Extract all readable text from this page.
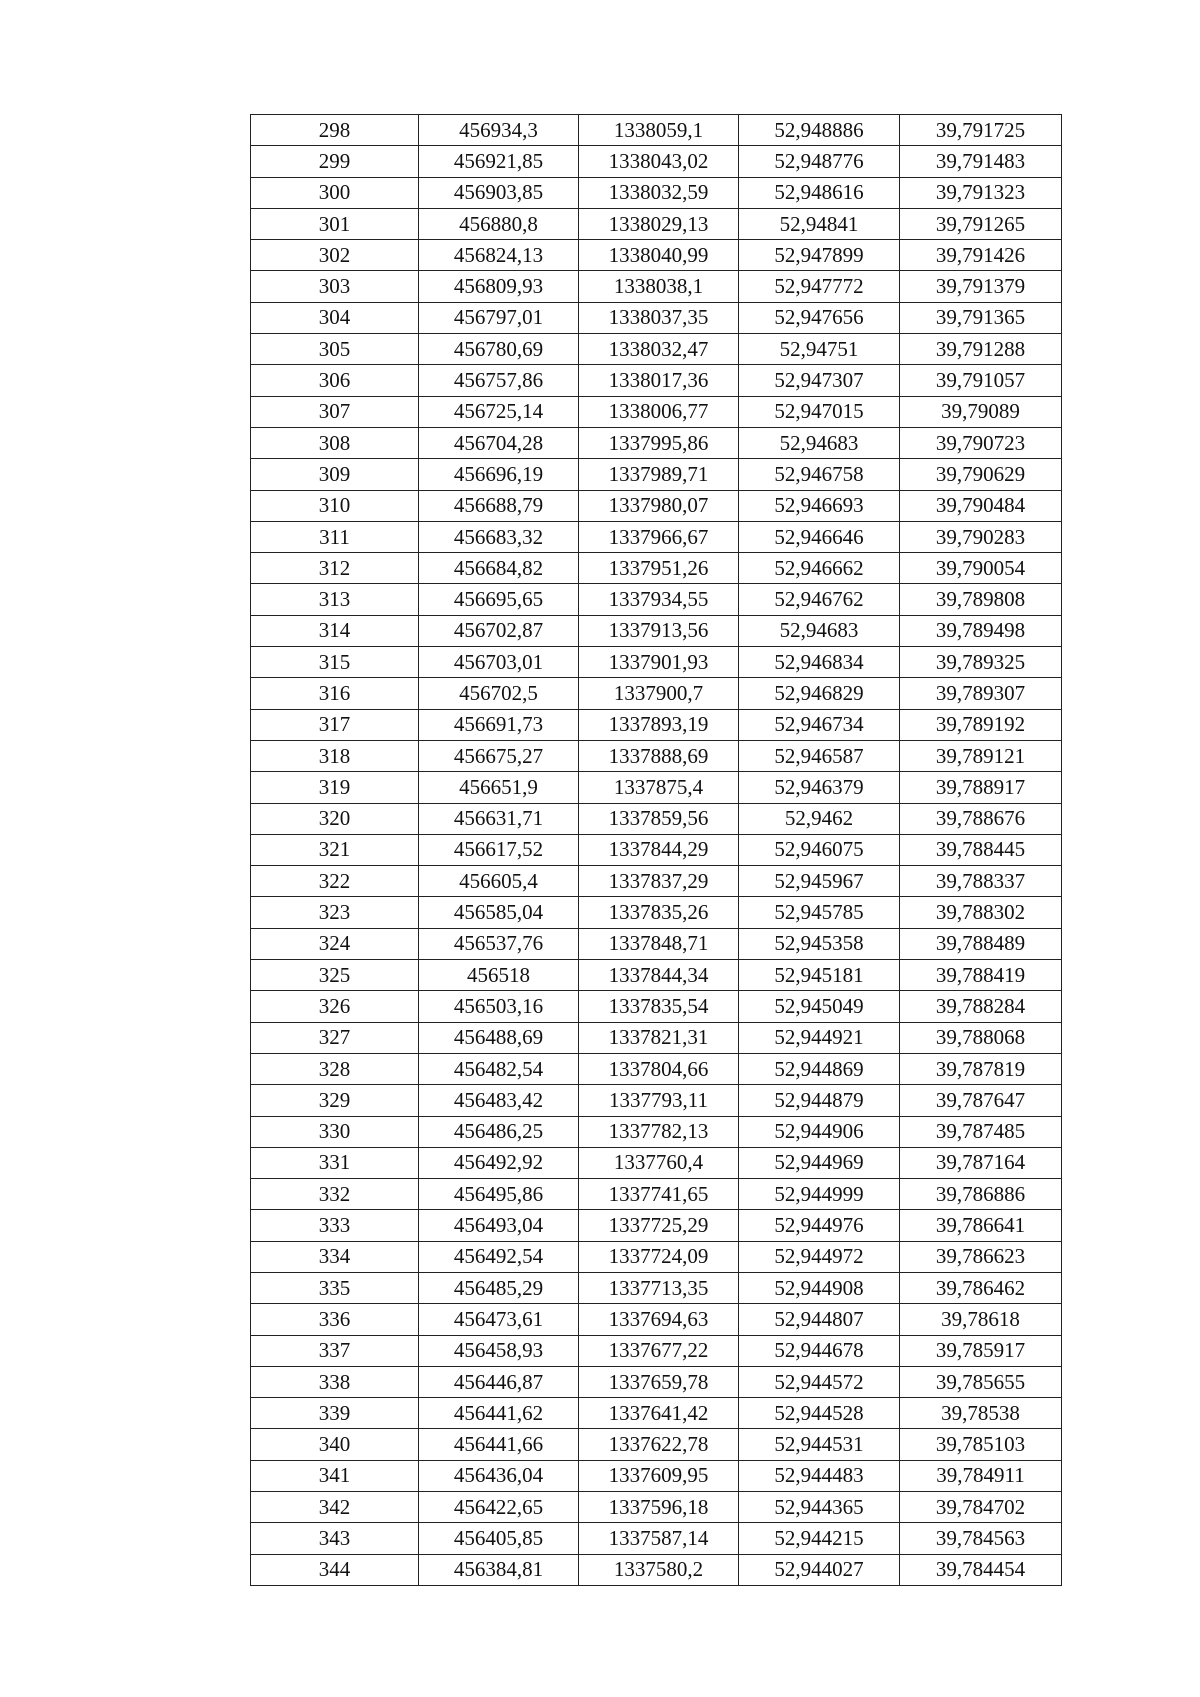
298	456934,3	1338059,1	52,948886	39,791725
299	456921,85	1338043,02	52,948776	39,791483
300	456903,85	1338032,59	52,948616	39,791323
301	456880,8	1338029,13	52,94841	39,791265
302	456824,13	1338040,99	52,947899	39,791426
303	456809,93	1338038,1	52,947772	39,791379
304	456797,01	1338037,35	52,947656	39,791365
305	456780,69	1338032,47	52,94751	39,791288
306	456757,86	1338017,36	52,947307	39,791057
307	456725,14	1338006,77	52,947015	39,79089
308	456704,28	1337995,86	52,94683	39,790723
309	456696,19	1337989,71	52,946758	39,790629
310	456688,79	1337980,07	52,946693	39,790484
311	456683,32	1337966,67	52,946646	39,790283
312	456684,82	1337951,26	52,946662	39,790054
313	456695,65	1337934,55	52,946762	39,789808
314	456702,87	1337913,56	52,94683	39,789498
315	456703,01	1337901,93	52,946834	39,789325
316	456702,5	1337900,7	52,946829	39,789307
317	456691,73	1337893,19	52,946734	39,789192
318	456675,27	1337888,69	52,946587	39,789121
319	456651,9	1337875,4	52,946379	39,788917
320	456631,71	1337859,56	52,9462	39,788676
321	456617,52	1337844,29	52,946075	39,788445
322	456605,4	1337837,29	52,945967	39,788337
323	456585,04	1337835,26	52,945785	39,788302
324	456537,76	1337848,71	52,945358	39,788489
325	456518	1337844,34	52,945181	39,788419
326	456503,16	1337835,54	52,945049	39,788284
327	456488,69	1337821,31	52,944921	39,788068
328	456482,54	1337804,66	52,944869	39,787819
329	456483,42	1337793,11	52,944879	39,787647
330	456486,25	1337782,13	52,944906	39,787485
331	456492,92	1337760,4	52,944969	39,787164
332	456495,86	1337741,65	52,944999	39,786886
333	456493,04	1337725,29	52,944976	39,786641
334	456492,54	1337724,09	52,944972	39,786623
335	456485,29	1337713,35	52,944908	39,786462
336	456473,61	1337694,63	52,944807	39,78618
337	456458,93	1337677,22	52,944678	39,785917
338	456446,87	1337659,78	52,944572	39,785655
339	456441,62	1337641,42	52,944528	39,78538
340	456441,66	1337622,78	52,944531	39,785103
341	456436,04	1337609,95	52,944483	39,784911
342	456422,65	1337596,18	52,944365	39,784702
343	456405,85	1337587,14	52,944215	39,784563
344	456384,81	1337580,2	52,944027	39,784454
